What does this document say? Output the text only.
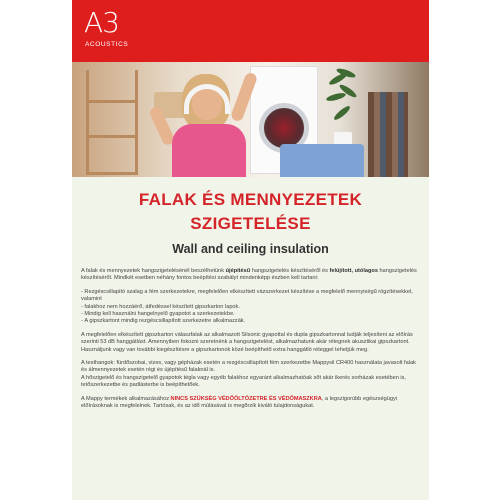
A3
ACOUSTICS
FALAK ÉS MENNYEZETEK
SZIGETELÉSE
Wall and ceiling insulation

A falak és mennyezetek hangszigetelésénél beszélhetünk újépítésű hangszigetelés készítéséről és felújított, utólagos hangszigetelés készítéséről. Mindkét esetben néhány fontos beépítési szabályt mindenképp észben kell tartani:

- Rezgéscsillapító szalag a fém szerkezetekre, megfelelően elkészített vázszerkezet készítése a megfelelő mennyiségű rögzítésekkel, valamint
- falakhoz nem hozzáérő, átfedéssel készített gipszkarton lapok.
- Mindig kell használni hangelnyelő gyapotot a szerkezetekbe.
- A gipszkartont mindig rezgéscsillapított szerkezetre alkalmazzák.

A megfelelően elkészített gipszkarton válaszfalak az alkalmazott Silsonic gyapottal és dupla gipszkartonnal tudják teljesíteni az előírás szerinti 53 dB hanggátlást. Amennyiben fokozni szeretnénk a hangszigetelést, alkalmazhatunk akár rétegnek akusztikai gipszkartont. Használjunk vagy van további kiegészítésre a gipszkartonok közé beépíthető extra hanggátló réteggel tehetjük meg.

A testhangok: fürdőszobai, vizes, vagy gépházak esetén a rezgéscsillapított fém szerkezetbe Mappysil CR400 használata javasolt falak és álmennyezetek esetén régi és újépítésű falaknál is.

A hőszigetelő és hangszigetelő gyapotok tégla vagy egyéb falakhoz egyaránt alkalmazhatóak sőt akár ikerés sorházak esetében is, tetőszerkezetbe és padlásterbe is beépíthetőek.

A Mappy termékek alkalmazásához NINCS SZÜKSÉG VÉDŐÖLTÖZETRE ÉS VÉDŐMASZKRA, a legszigorúbb egészségügyi előírásoknak is megfelelnek. Tartósak, és az idő múlásával is megőrzik kiváló tulajdonságukat.
